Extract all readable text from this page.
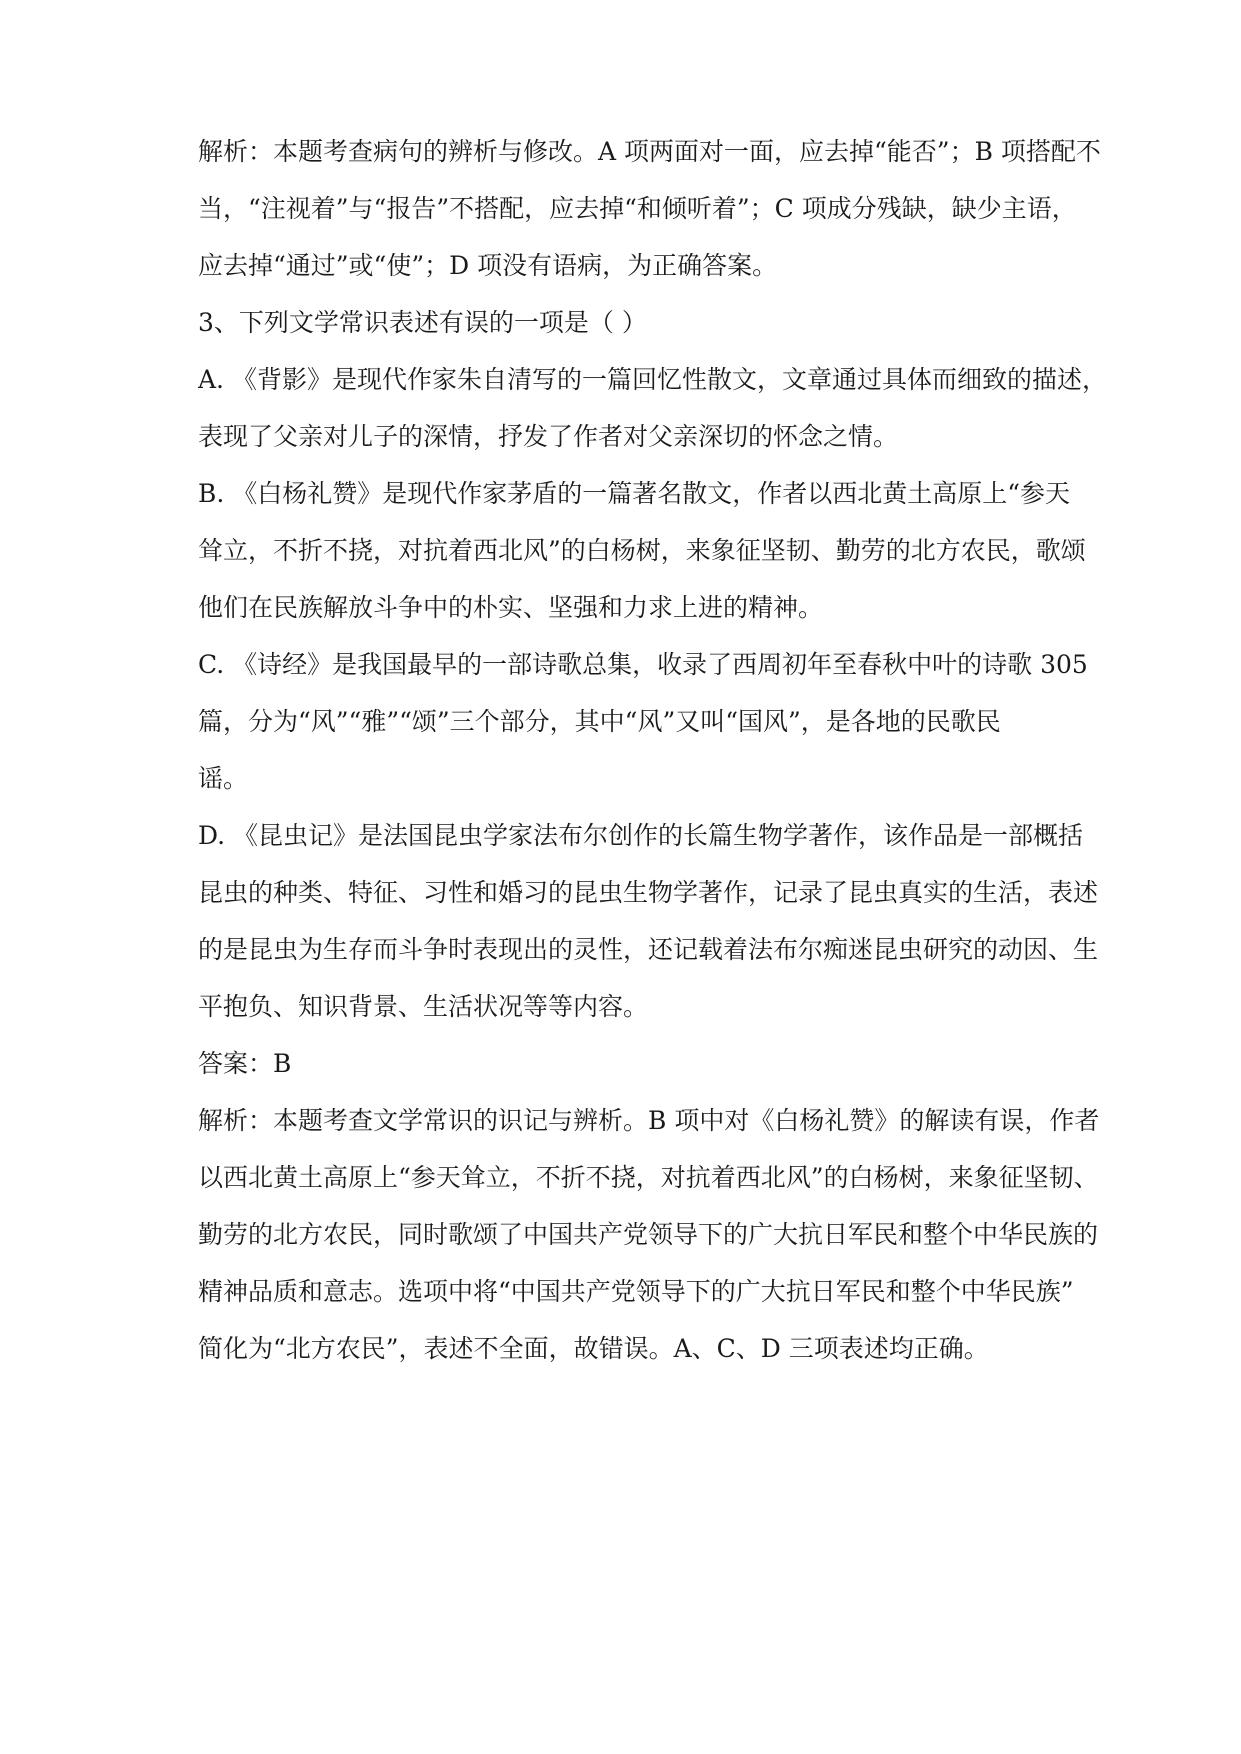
解析：本题考查病句的辨析与修改。A 项两面对一面，应去掉“能否”；B 项搭配不
当，“注视着”与“报告”不搭配，应去掉“和倾听着”；C 项成分残缺，缺少主语，
应去掉“通过”或“使”；D 项没有语病，为正确答案。
3、下列文学常识表述有误的一项是（ ）
A. 《背影》是现代作家朱自清写的一篇回忆性散文，文章通过具体而细致的描述，
表现了父亲对儿子的深情，抒发了作者对父亲深切的怀念之情。
B. 《白杨礼赞》是现代作家茅盾的一篇著名散文，作者以西北黄土高原上“参天
耸立，不折不挠，对抗着西北风”的白杨树，来象征坚韧、勤劳的北方农民，歌颂
他们在民族解放斗争中的朴实、坚强和力求上进的精神。
C. 《诗经》是我国最早的一部诗歌总集，收录了西周初年至春秋中叶的诗歌 305
篇，分为“风”“雅”“颂”三个部分，其中“风”又叫“国风”，是各地的民歌民
谣。
D. 《昆虫记》是法国昆虫学家法布尔创作的长篇生物学著作，该作品是一部概括
昆虫的种类、特征、习性和婚习的昆虫生物学著作，记录了昆虫真实的生活，表述
的是昆虫为生存而斗争时表现出的灵性，还记载着法布尔痴迷昆虫研究的动因、生
平抱负、知识背景、生活状况等等内容。
答案：B
解析：本题考查文学常识的识记与辨析。B 项中对《白杨礼赞》的解读有误，作者
以西北黄土高原上“参天耸立，不折不挠，对抗着西北风”的白杨树，来象征坚韧、
勤劳的北方农民，同时歌颂了中国共产党领导下的广大抗日军民和整个中华民族的
精神品质和意志。选项中将“中国共产党领导下的广大抗日军民和整个中华民族”
简化为“北方农民”，表述不全面，故错误。A、C、D 三项表述均正确。
